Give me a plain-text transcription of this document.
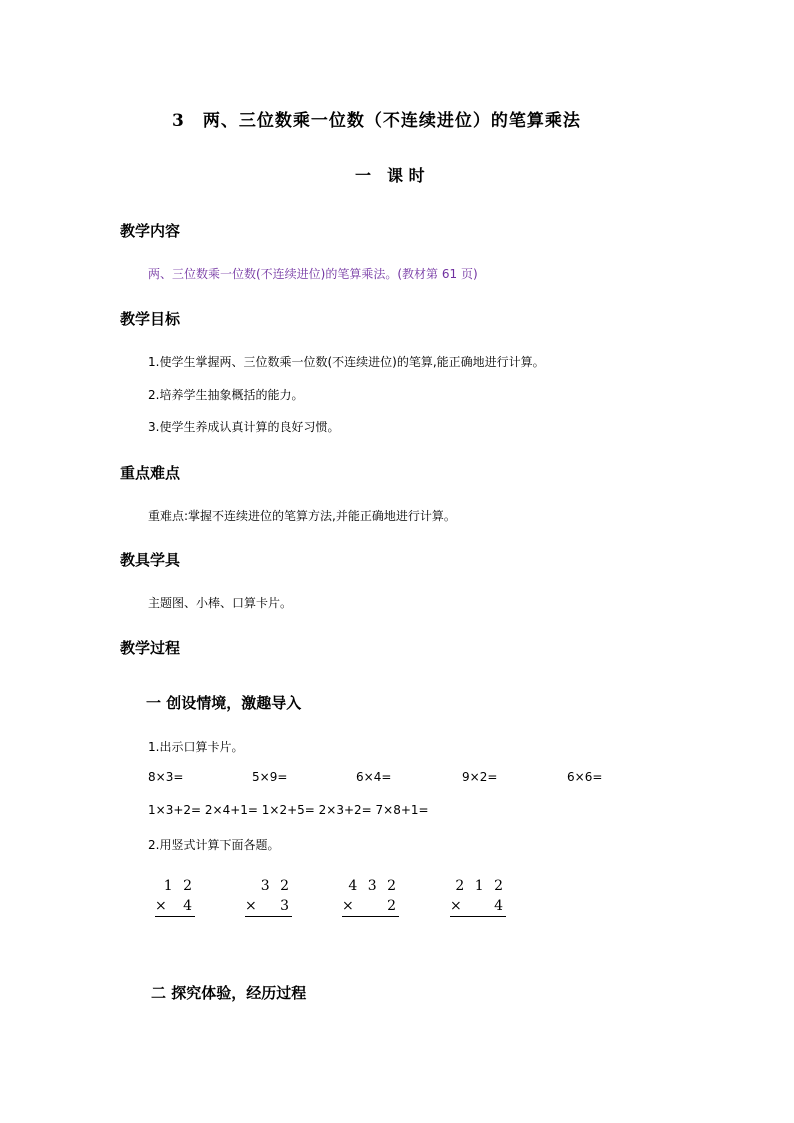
3　两、三位数乘一位数（不连续进位）的笔算乘法
一　课 时
教学内容
两、三位数乘一位数(不连续进位)的笔算乘法。(教材第 61 页)
教学目标
1.使学生掌握两、三位数乘一位数(不连续进位)的笔算,能正确地进行计算。
2.培养学生抽象概括的能力。
3.使学生养成认真计算的良好习惯。
重点难点
重难点:掌握不连续进位的笔算方法,并能正确地进行计算。
教具学具
主题图、小棒、口算卡片。
教学过程
一 创设情境，激趣导入
1.出示口算卡片。
8×3=	5×9=	6×4=	9×2=	6×6=
1×3+2= 2×4+1= 1×2+5= 2×3+2= 7×8+1=
2.用竖式计算下面各题。
1 2
× 4
3 2
× 3
4 3 2
× 2
2 1 2
× 4
二 探究体验，经历过程
